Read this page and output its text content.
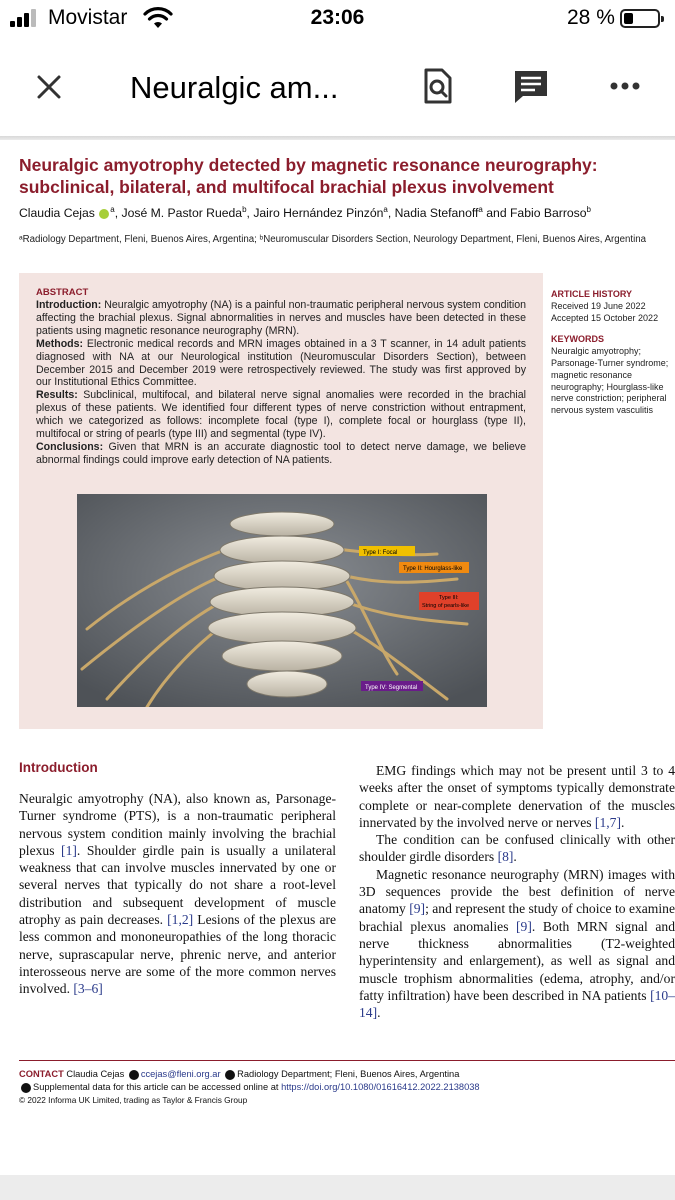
Movistar	23:06	28 %
Neuralgic am...
Neuralgic amyotrophy detected by magnetic resonance neurography: subclinical, bilateral, and multifocal brachial plexus involvement
Claudia Cejas $^a$, José M. Pastor Rueda$^b$, Jairo Hernández Pinzón$^a$, Nadia Stefanoff$^a$ and Fabio Barroso$^b$
ᵃRadiology Department, Fleni, Buenos Aires, Argentina; ᵇNeuromuscular Disorders Section, Neurology Department, Fleni, Buenos Aires, Argentina
ABSTRACT

Introduction: Neuralgic amyotrophy (NA) is a painful non-traumatic peripheral nervous system condition affecting the brachial plexus. Signal abnormalities in nerves and muscles have been detected in these patients using magnetic resonance neurography (MRN).

Methods: Electronic medical records and MRN images obtained in a 3 T scanner, in 14 adult patients diagnosed with NA at our Neurological institution (Neuromuscular Disorders Section), between December 2015 and December 2019 were retrospectively reviewed. The study was first approved by our Institutional Ethics Committee.

Results: Subclinical, multifocal, and bilateral nerve signal anomalies were recorded in the brachial plexus of these patients. We identified four different types of nerve constriction without entrapment, which we categorized as follows: incomplete focal (type I), complete focal or hourglass (type II), multifocal or string of pearls (type III) and segmental (type IV).

Conclusions: Given that MRN is an accurate diagnostic tool to detect nerve damage, we believe abnormal findings could improve early detection of NA patients.

Type I: Focal
Type II: Hourglass-like
Type III:
String of pearls-like
Type IV: Segmental
ARTICLE HISTORY
Received 19 June 2022
Accepted 15 October 2022
KEYWORDS
Neuralgic amyotrophy; Parsonage-Turner syndrome; magnetic resonance neurography; Hourglass-like nerve constriction; peripheral nervous system vasculitis
Introduction

Neuralgic amyotrophy (NA), also known as, Parsonage-Turner syndrome (PTS), is a non-traumatic peripheral nervous system condition mainly involving the brachial plexus [1]. Shoulder girdle pain is usually a unilateral weakness that can involve muscles innervated by one or several nerves that typically do not share a root-level distribution and subsequent development of muscle atrophy as pain decreases. [1,2] Lesions of the plexus are less common and mononeuropathies of the long thoracic nerve, suprascapular nerve, phrenic nerve, and anterior interosseous nerve are some of the more common nerves involved. [3–6]

EMG findings which may not be present until 3 to 4 weeks after the onset of symptoms typically demonstrate complete or near-complete denervation of the muscles innervated by the involved nerve or nerves [1,7].

The condition can be confused clinically with other shoulder girdle disorders [8].

Magnetic resonance neurography (MRN) images with 3D sequences provide the best definition of nerve anatomy [9]; and represent the study of choice to examine brachial plexus anomalies [9]. Both MRN signal and nerve thickness abnormalities (T2-weighted hyperintensity and enlargement), as well as signal and muscle trophism abnormalities (edema, atrophy, and/or fatty infiltration) have been described in NA patients [10–14].

CONTACT Claudia Cejas ccejas@fleni.org.ar Radiology Department; Fleni, Buenos Aires, Argentina
Supplemental data for this article can be accessed online at https://doi.org/10.1080/01616412.2022.2138038
© 2022 Informa UK Limited, trading as Taylor & Francis Group
